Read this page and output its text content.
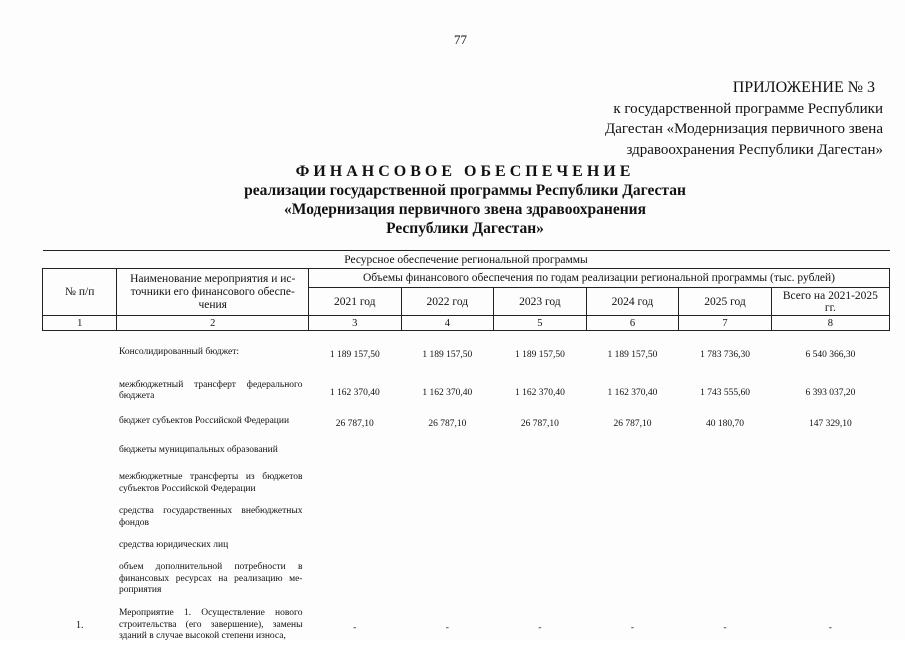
77
ПРИЛОЖЕНИЕ № 3
к государственной программе Республики
Дагестан «Модернизация первичного звена
здравоохранения Республики Дагестан»
ФИНАНСОВОЕ ОБЕСПЕЧЕНИЕ
реализации государственной программы Республики Дагестан
«Модернизация первичного звена здравоохранения
Республики Дагестан»
Ресурсное обеспечение региональной программы							
№ п/п	Наименование мероприятия и ис-
точники его финансового обеспе-
чения	Объемы финансового обеспечения по годам реализации региональной программы (тыс. рублей)					
		2021 год	2022 год	2023 год	2024 год	2025 год	Всего на 2021-2025
гг.

1	2	3	4	5	6	7	8
	Консолидированный бюджет:	1 189 157,50	1 189 157,50	1 189 157,50	1 189 157,50	1 783 736,30	6 540 366,30
	межбюджетный трансферт федерального бюджета	1 162 370,40	1 162 370,40	1 162 370,40	1 162 370,40	1 743 555,60	6 393 037,20
	бюджет субъектов Российской Федерации	26 787,10	26 787,10	26 787,10	26 787,10	40 180,70	147 329,10
	бюджеты муниципальных образований						
	межбюджетные трансферты из бюджетов субъектов Российской Федерации						
	средства государственных внебюджетных фондов						
	средства юридических лиц						
	объем дополнительной потребности в финансовых ресурсах на реализацию ме-роприятия						
1.	Мероприятие 1. Осуществление нового строительства (его завершение), замены зданий в случае высокой степени износа,	-	-	-	-	-	-
